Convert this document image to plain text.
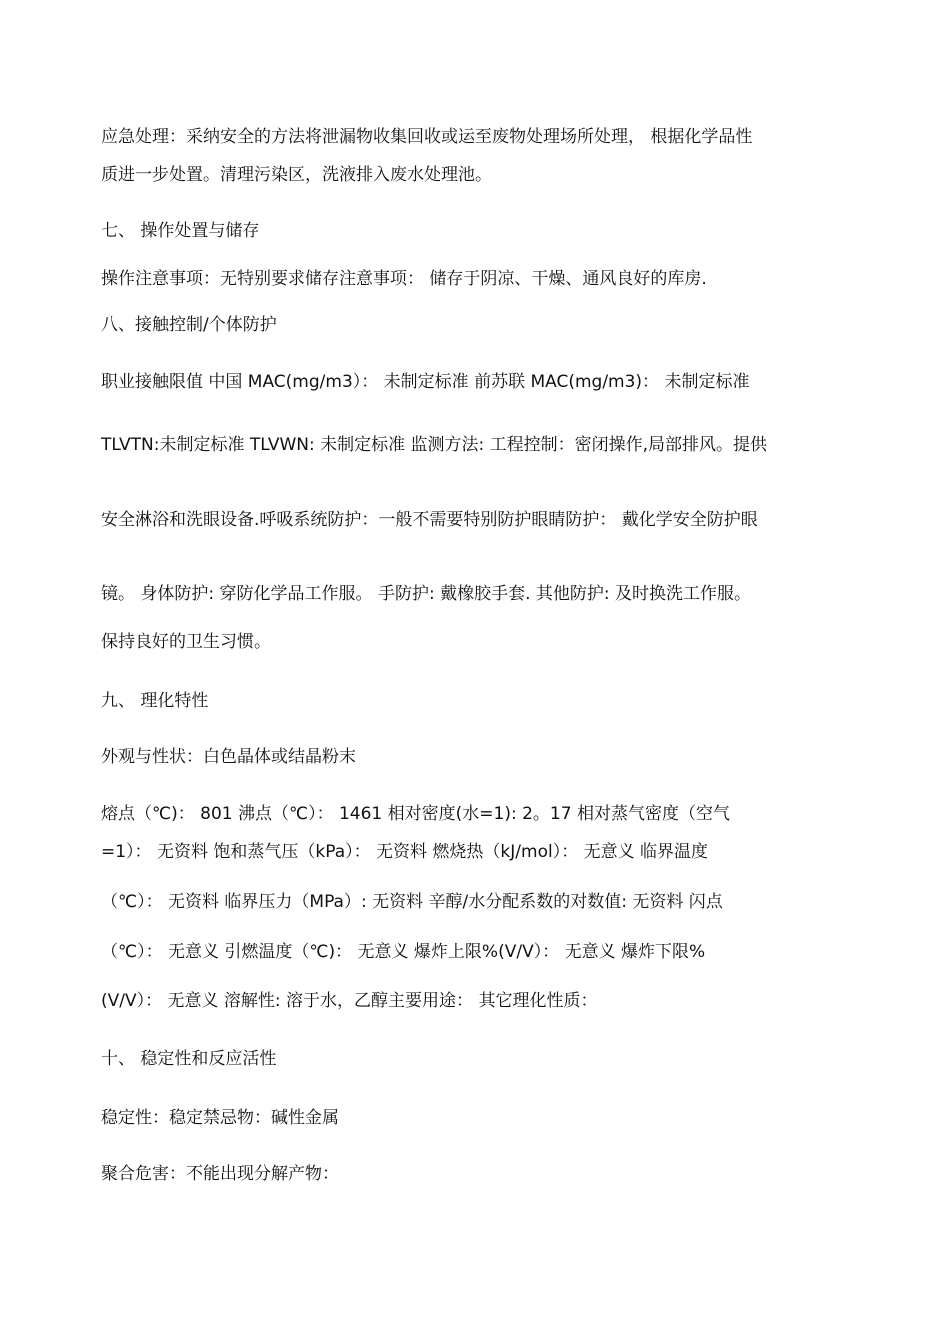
应急处理：采纳安全的方法将泄漏物收集回收或运至废物处理场所处理， 根据化学品性
质进一步处置。清理污染区，洗液排入废水处理池。
七、 操作处置与储存
操作注意事项：无特别要求储存注意事项： 储存于阴凉、干燥、通风良好的库房.
八、接触控制/个体防护
职业接触限值 中国 MAC(mg/m3）： 未制定标准 前苏联 MAC(mg/m3)： 未制定标准
TLVTN:未制定标准 TLVWN: 未制定标准 监测方法: 工程控制：密闭操作,局部排风。提供
安全淋浴和洗眼设备.呼吸系统防护：一般不需要特别防护眼睛防护： 戴化学安全防护眼
镜。 身体防护: 穿防化学品工作服。 手防护: 戴橡胶手套. 其他防护: 及时换洗工作服。
保持良好的卫生习惯。
九、 理化特性
外观与性状：白色晶体或结晶粉末
熔点（℃)： 801 沸点（℃）： 1461 相对密度(水=1): 2。17 相对蒸气密度（空气
=1）： 无资料 饱和蒸气压（kPa）： 无资料 燃烧热（kJ/mol）： 无意义 临界温度
（℃）： 无资料 临界压力（MPa）: 无资料 辛醇/水分配系数的对数值: 无资料 闪点
（℃）： 无意义 引燃温度（℃)： 无意义 爆炸上限%(V/V）： 无意义 爆炸下限%
(V/V）： 无意义 溶解性: 溶于水，乙醇主要用途： 其它理化性质：
十、 稳定性和反应活性
稳定性：稳定禁忌物：碱性金属
聚合危害：不能出现分解产物：
